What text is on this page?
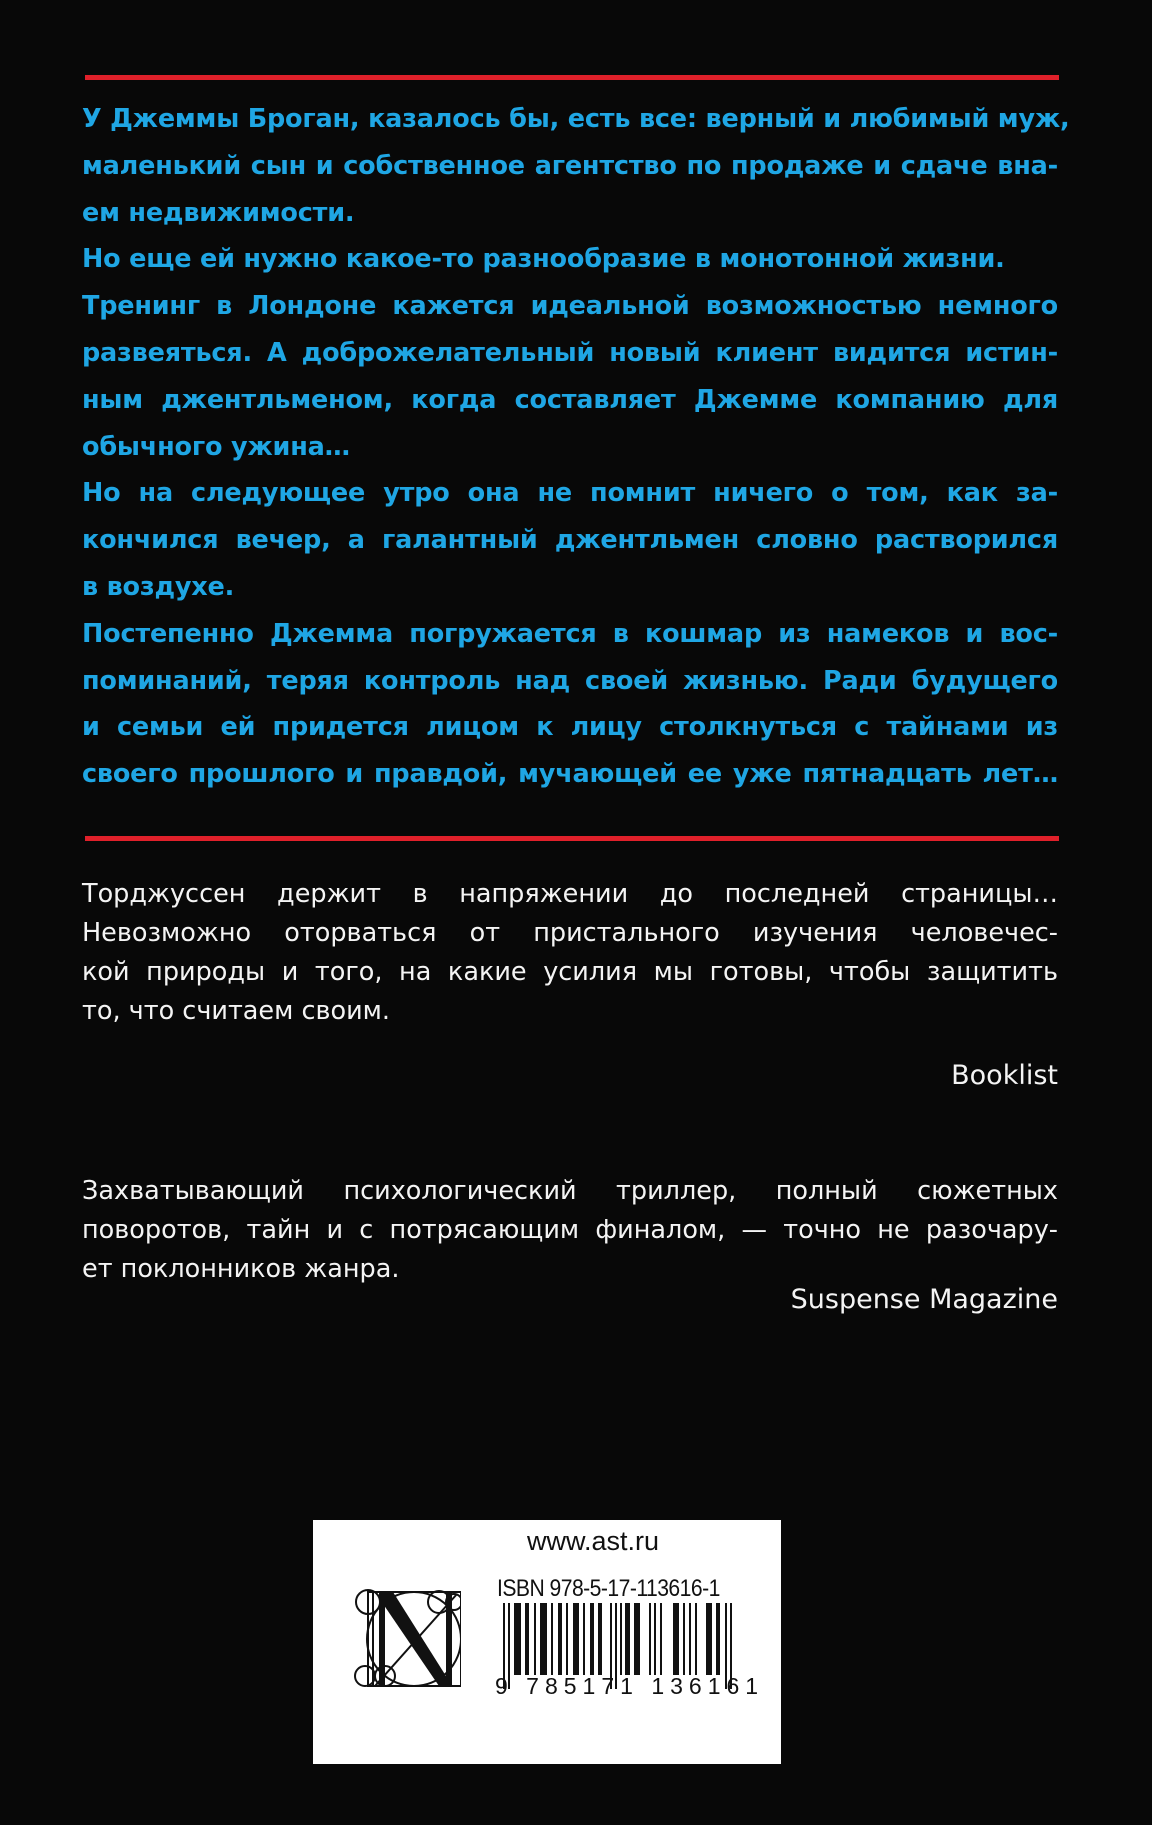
У Джеммы Броган, казалось бы, есть все: верный и любимый муж,
маленький сын и собственное агентство по продаже и сдаче вна-
ем недвижимости.

Но еще ей нужно какое-то разнообразие в монотонной жизни.
Тренинг в Лондоне кажется идеальной возможностью немного
развеяться. А доброжелательный новый клиент видится истин-
ным джентльменом, когда составляет Джемме компанию для
обычного ужина…

Но на следующее утро она не помнит ничего о том, как за-
кончился вечер, а галантный джентльмен словно растворился
в воздухе.

Постепенно Джемма погружается в кошмар из намеков и вос-
поминаний, теряя контроль над своей жизнью. Ради будущего
и семьи ей придется лицом к лицу столкнуться с тайнами из
своего прошлого и правдой, мучающей ее уже пятнадцать лет…

Торджуссен держит в напряжении до последней страницы…
Невозможно оторваться от пристального изучения человечес-
кой природы и того, на какие усилия мы готовы, чтобы защитить
то, что считаем своим.
Booklist
Захватывающий психологический триллер, полный сюжетных
поворотов, тайн и с потрясающим финалом, — точно не разочару-
ет поклонников жанра.
Suspense Magazine
www.ast.ru
ISBN 978-5-17-113616-1
9 785171 136161
